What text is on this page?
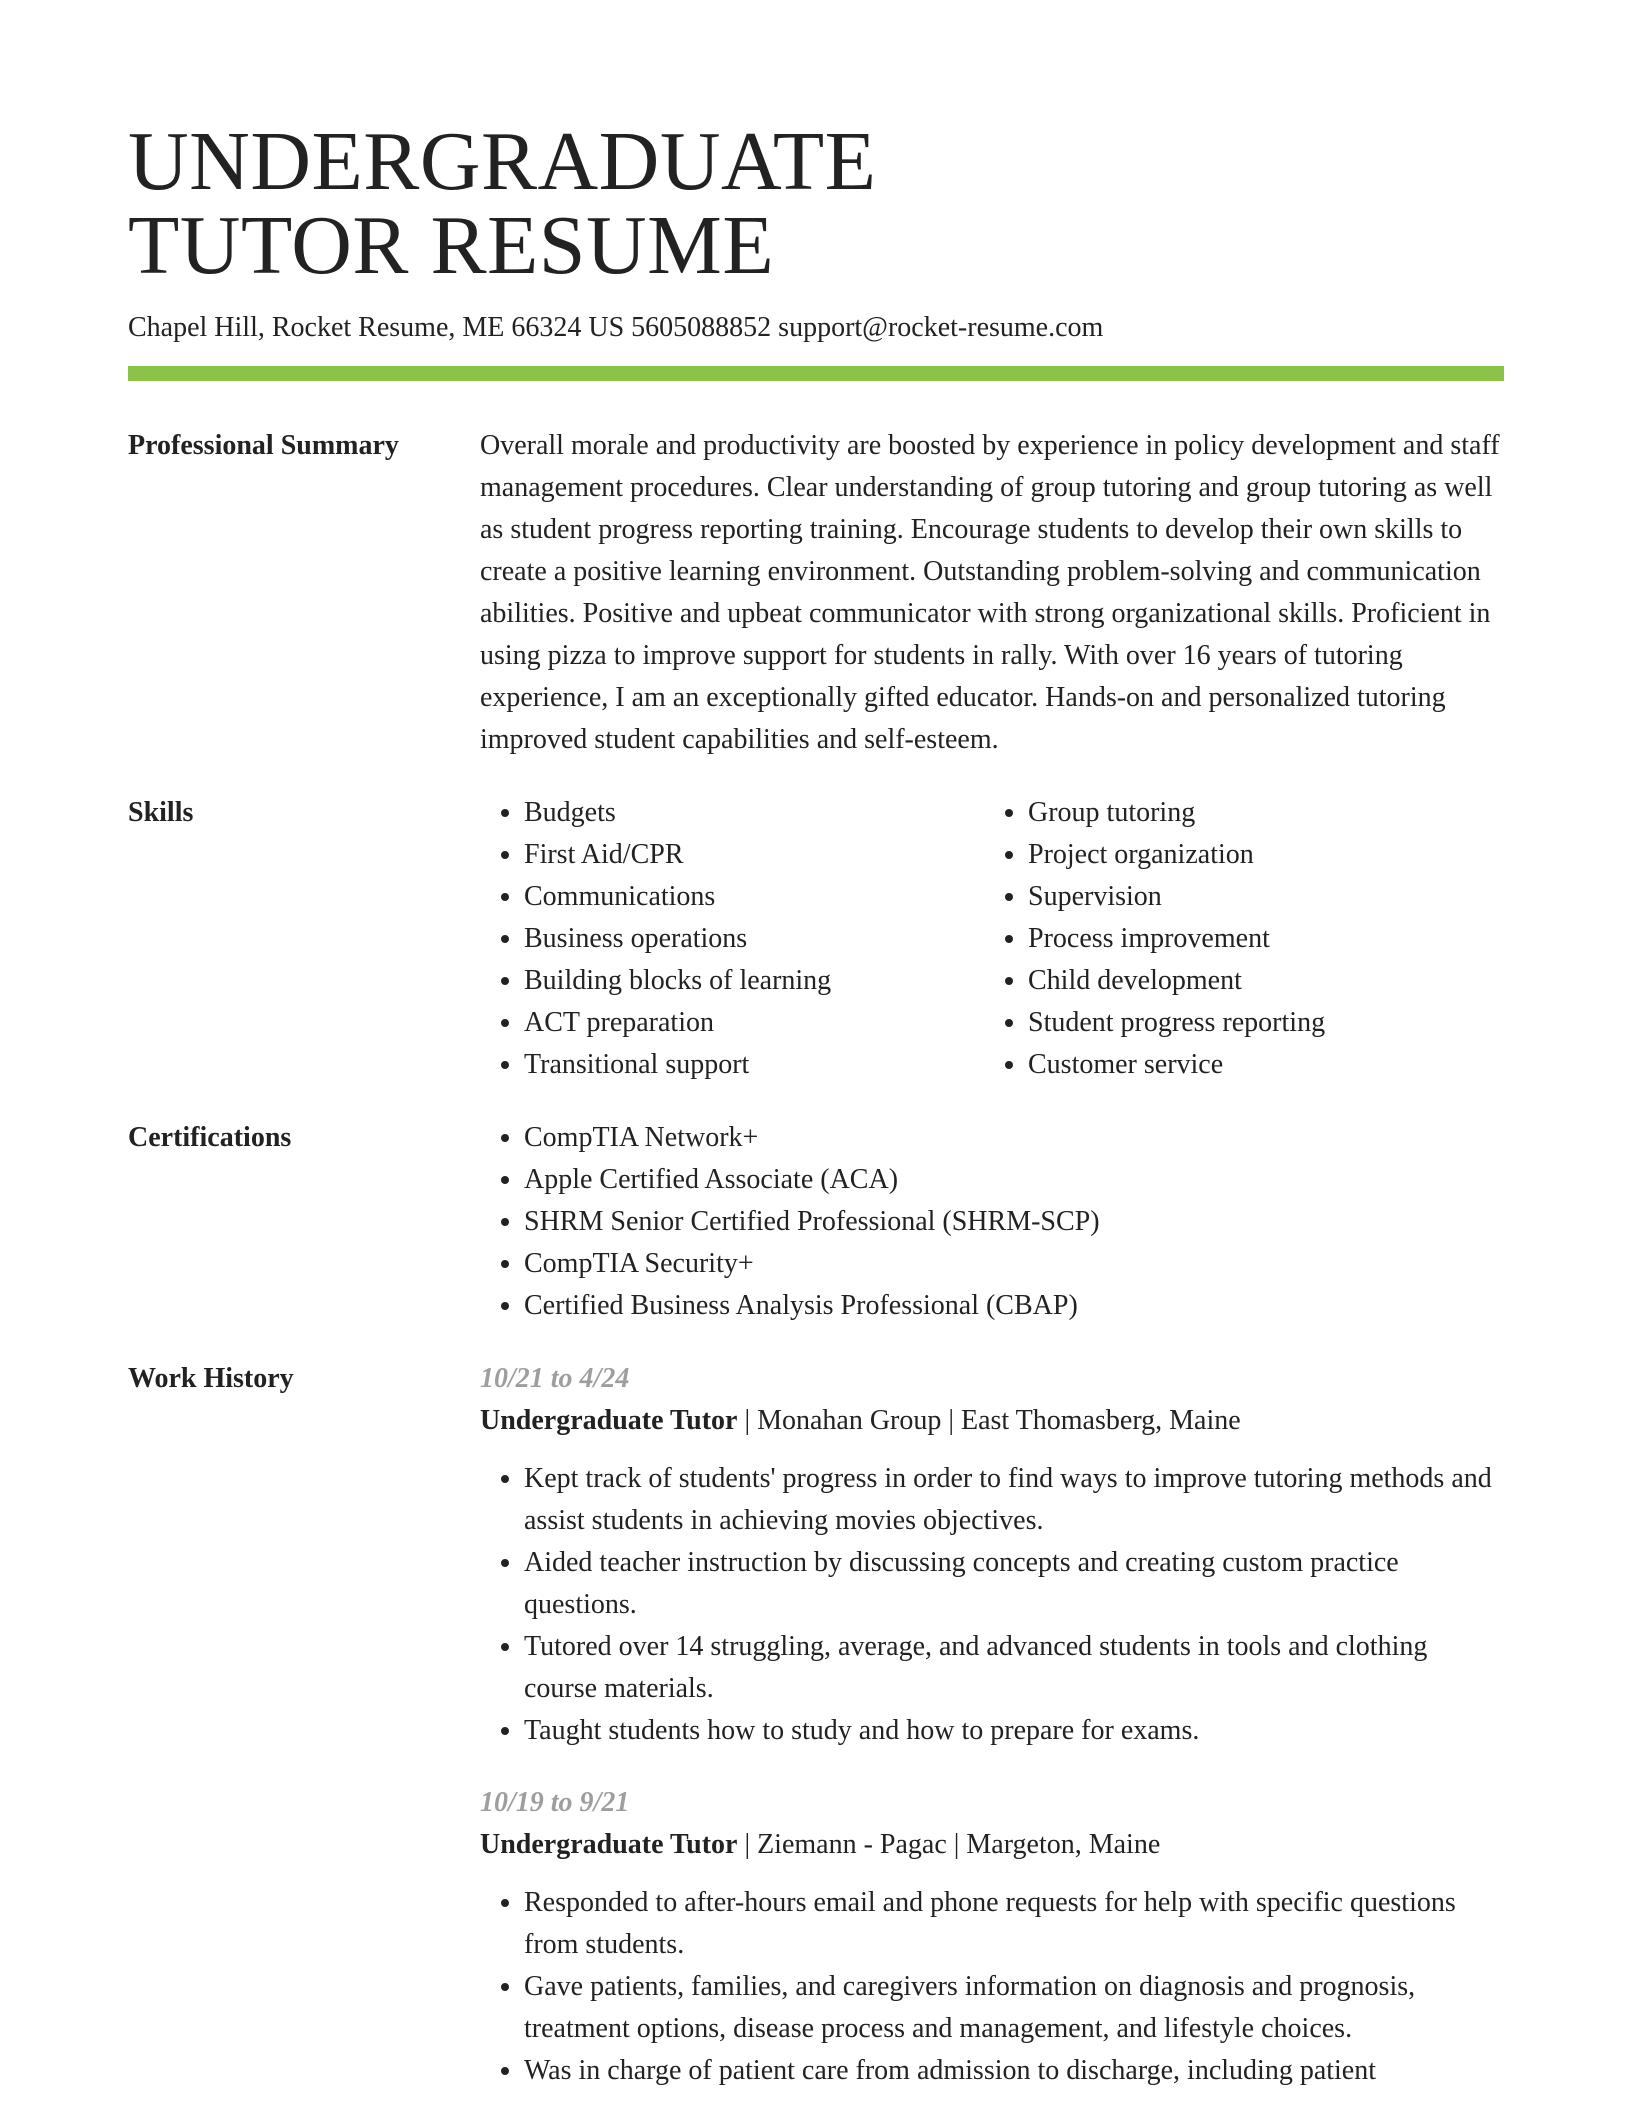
UNDERGRADUATE
TUTOR RESUME
Chapel Hill, Rocket Resume, ME 66324 US 5605088852 support@rocket-resume.com
Professional Summary	Overall morale and productivity are boosted by experience in policy development and staff management procedures. Clear understanding of group tutoring and group tutoring as well as student progress reporting training. Encourage students to develop their own skills to create a positive learning environment. Outstanding problem-solving and communication abilities. Positive and upbeat communicator with strong organizational skills. Proficient in using pizza to improve support for students in rally. With over 16 years of tutoring experience, I am an exceptionally gifted educator. Hands-on and personalized tutoring improved student capabilities and self-esteem.
Skills	• Budgets
• First Aid/CPR
• Communications
• Business operations
• Building blocks of learning
• ACT preparation
• Transitional support
• Group tutoring
• Project organization
• Supervision
• Process improvement
• Child development
• Student progress reporting
• Customer service
Certifications	• CompTIA Network+
• Apple Certified Associate (ACA)
• SHRM Senior Certified Professional (SHRM-SCP)
• CompTIA Security+
• Certified Business Analysis Professional (CBAP)
Work History	10/21 to 4/24
Undergraduate Tutor | Monahan Group | East Thomasberg, Maine
• Kept track of students' progress in order to find ways to improve tutoring methods and assist students in achieving movies objectives.
• Aided teacher instruction by discussing concepts and creating custom practice questions.
• Tutored over 14 struggling, average, and advanced students in tools and clothing course materials.
• Taught students how to study and how to prepare for exams.
10/19 to 9/21
Undergraduate Tutor | Ziemann - Pagac | Margeton, Maine
• Responded to after-hours email and phone requests for help with specific questions from students.
• Gave patients, families, and caregivers information on diagnosis and prognosis, treatment options, disease process and management, and lifestyle choices.
• Was in charge of patient care from admission to discharge, including patient
